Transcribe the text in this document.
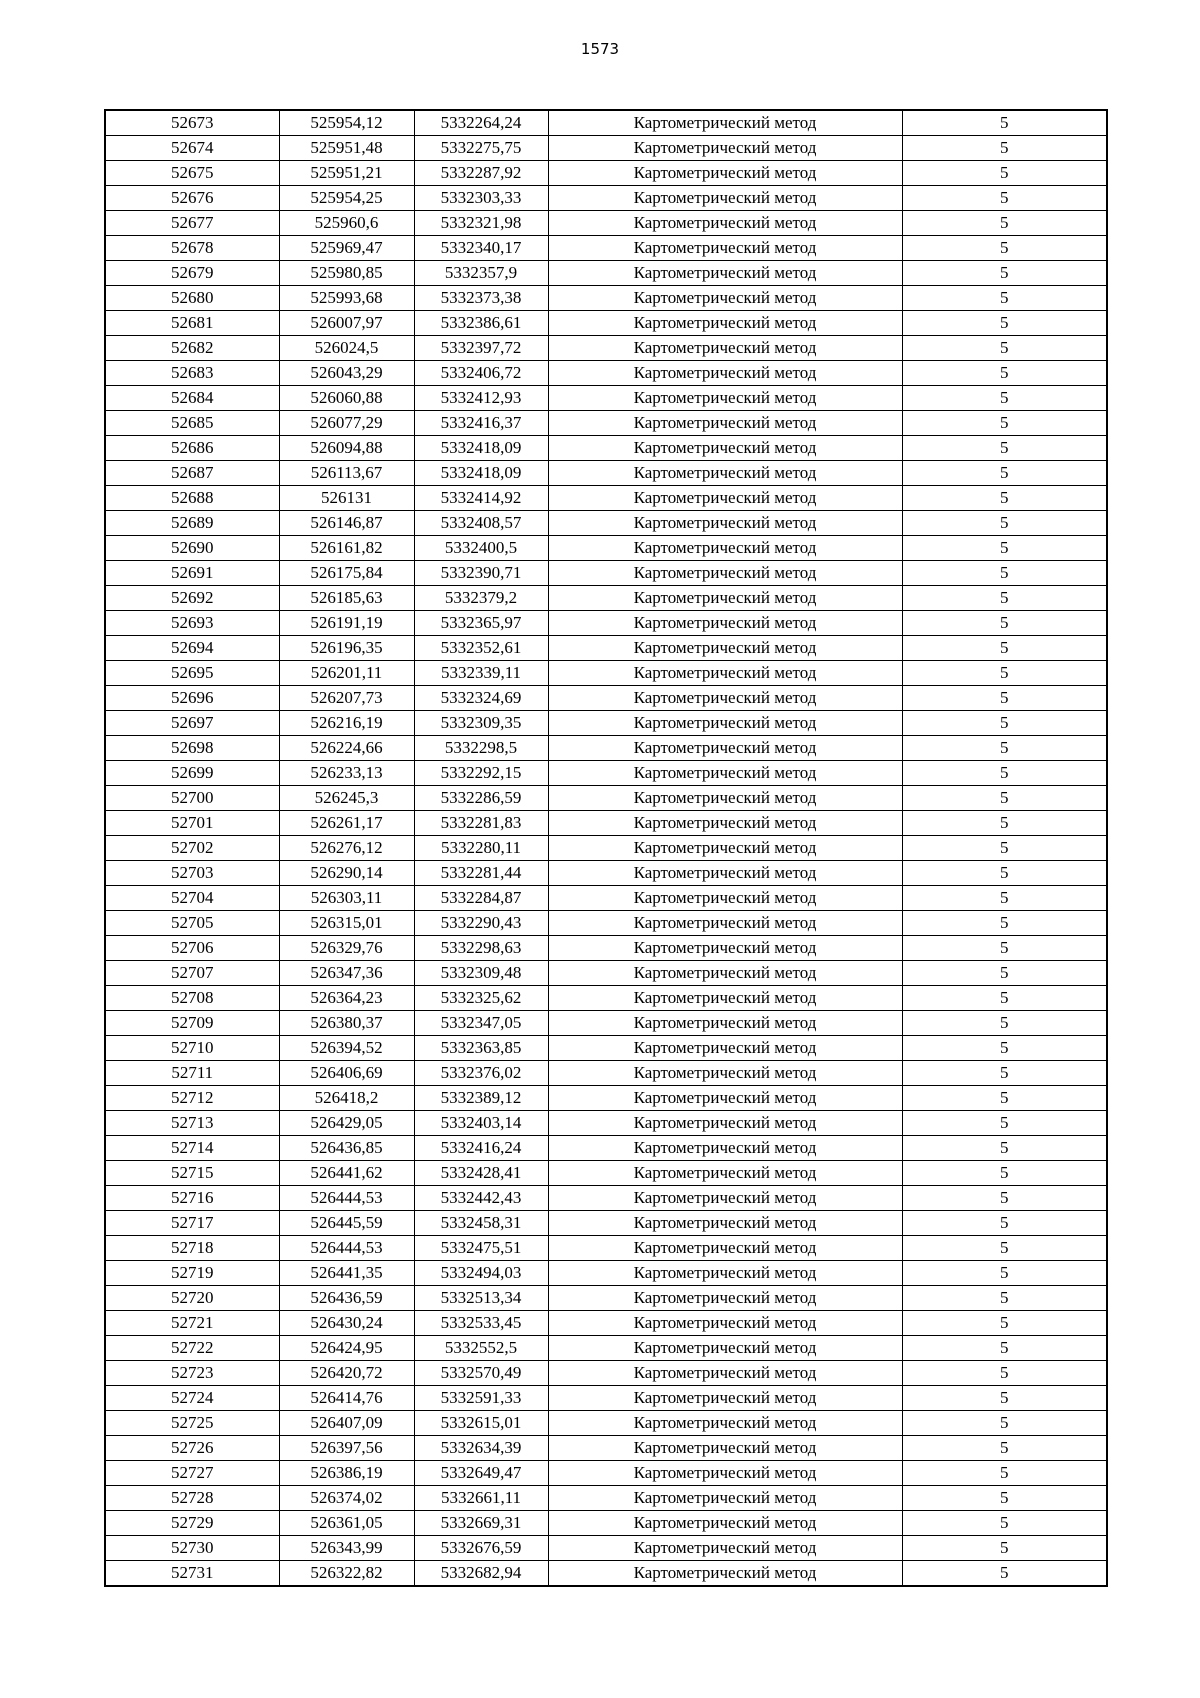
1573
52673	525954,12	5332264,24	Картометрический метод	5
52674	525951,48	5332275,75	Картометрический метод	5
52675	525951,21	5332287,92	Картометрический метод	5
52676	525954,25	5332303,33	Картометрический метод	5
52677	525960,6	5332321,98	Картометрический метод	5
52678	525969,47	5332340,17	Картометрический метод	5
52679	525980,85	5332357,9	Картометрический метод	5
52680	525993,68	5332373,38	Картометрический метод	5
52681	526007,97	5332386,61	Картометрический метод	5
52682	526024,5	5332397,72	Картометрический метод	5
52683	526043,29	5332406,72	Картометрический метод	5
52684	526060,88	5332412,93	Картометрический метод	5
52685	526077,29	5332416,37	Картометрический метод	5
52686	526094,88	5332418,09	Картометрический метод	5
52687	526113,67	5332418,09	Картометрический метод	5
52688	526131	5332414,92	Картометрический метод	5
52689	526146,87	5332408,57	Картометрический метод	5
52690	526161,82	5332400,5	Картометрический метод	5
52691	526175,84	5332390,71	Картометрический метод	5
52692	526185,63	5332379,2	Картометрический метод	5
52693	526191,19	5332365,97	Картометрический метод	5
52694	526196,35	5332352,61	Картометрический метод	5
52695	526201,11	5332339,11	Картометрический метод	5
52696	526207,73	5332324,69	Картометрический метод	5
52697	526216,19	5332309,35	Картометрический метод	5
52698	526224,66	5332298,5	Картометрический метод	5
52699	526233,13	5332292,15	Картометрический метод	5
52700	526245,3	5332286,59	Картометрический метод	5
52701	526261,17	5332281,83	Картометрический метод	5
52702	526276,12	5332280,11	Картометрический метод	5
52703	526290,14	5332281,44	Картометрический метод	5
52704	526303,11	5332284,87	Картометрический метод	5
52705	526315,01	5332290,43	Картометрический метод	5
52706	526329,76	5332298,63	Картометрический метод	5
52707	526347,36	5332309,48	Картометрический метод	5
52708	526364,23	5332325,62	Картометрический метод	5
52709	526380,37	5332347,05	Картометрический метод	5
52710	526394,52	5332363,85	Картометрический метод	5
52711	526406,69	5332376,02	Картометрический метод	5
52712	526418,2	5332389,12	Картометрический метод	5
52713	526429,05	5332403,14	Картометрический метод	5
52714	526436,85	5332416,24	Картометрический метод	5
52715	526441,62	5332428,41	Картометрический метод	5
52716	526444,53	5332442,43	Картометрический метод	5
52717	526445,59	5332458,31	Картометрический метод	5
52718	526444,53	5332475,51	Картометрический метод	5
52719	526441,35	5332494,03	Картометрический метод	5
52720	526436,59	5332513,34	Картометрический метод	5
52721	526430,24	5332533,45	Картометрический метод	5
52722	526424,95	5332552,5	Картометрический метод	5
52723	526420,72	5332570,49	Картометрический метод	5
52724	526414,76	5332591,33	Картометрический метод	5
52725	526407,09	5332615,01	Картометрический метод	5
52726	526397,56	5332634,39	Картометрический метод	5
52727	526386,19	5332649,47	Картометрический метод	5
52728	526374,02	5332661,11	Картометрический метод	5
52729	526361,05	5332669,31	Картометрический метод	5
52730	526343,99	5332676,59	Картометрический метод	5
52731	526322,82	5332682,94	Картометрический метод	5
